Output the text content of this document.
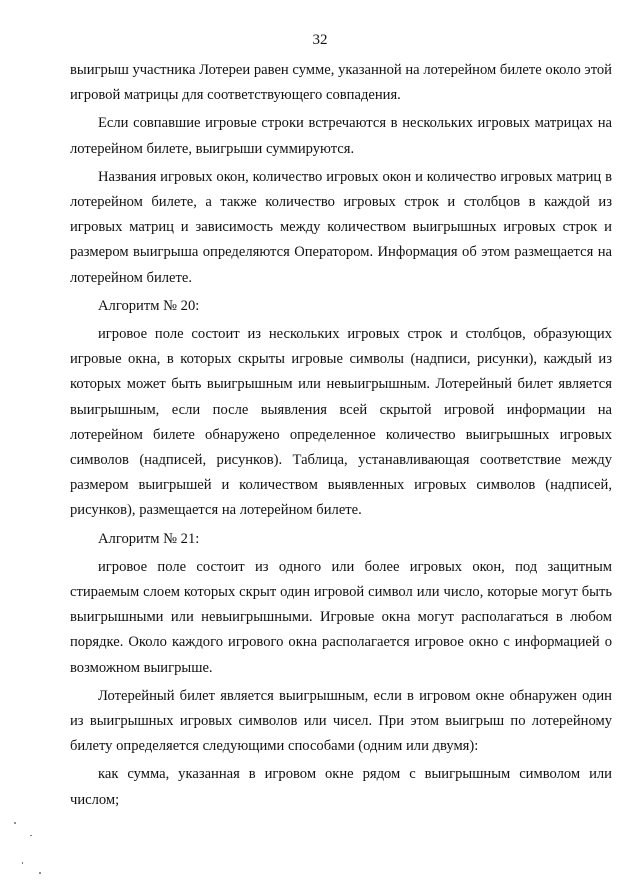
32

выигрыш участника Лотереи равен сумме, указанной на лотерейном билете около этой игровой матрицы для соответствующего совпадения.

Если совпавшие игровые строки встречаются в нескольких игровых матрицах на лотерейном билете, выигрыши суммируются.

Названия игровых окон, количество игровых окон и количество игровых матриц в лотерейном билете, а также количество игровых строк и столбцов в каждой из игровых матриц и зависимость между количеством выигрышных игровых строк и размером выигрыша определяются Оператором. Информация об этом размещается на лотерейном билете.

Алгоритм № 20:

игровое поле состоит из нескольких игровых строк и столбцов, образующих игровые окна, в которых скрыты игровые символы (надписи, рисунки), каждый из которых может быть выигрышным или невыигрышным. Лотерейный билет является выигрышным, если после выявления всей скрытой игровой информации на лотерейном билете обнаружено определенное количество выигрышных игровых символов (надписей, рисунков). Таблица, устанавливающая соответствие между размером выигрышей и количеством выявленных игровых символов (надписей, рисунков), размещается на лотерейном билете.

Алгоритм № 21:

игровое поле состоит из одного или более игровых окон, под защитным стираемым слоем которых скрыт один игровой символ или число, которые могут быть выигрышными или невыигрышными. Игровые окна могут располагаться в любом порядке. Около каждого игрового окна располагается игровое окно с информацией о возможном выигрыше.

Лотерейный билет является выигрышным, если в игровом окне обнаружен один из выигрышных игровых символов или чисел. При этом выигрыш по лотерейному билету определяется следующими способами (одним или двумя):

как сумма, указанная в игровом окне рядом с выигрышным символом или числом;
